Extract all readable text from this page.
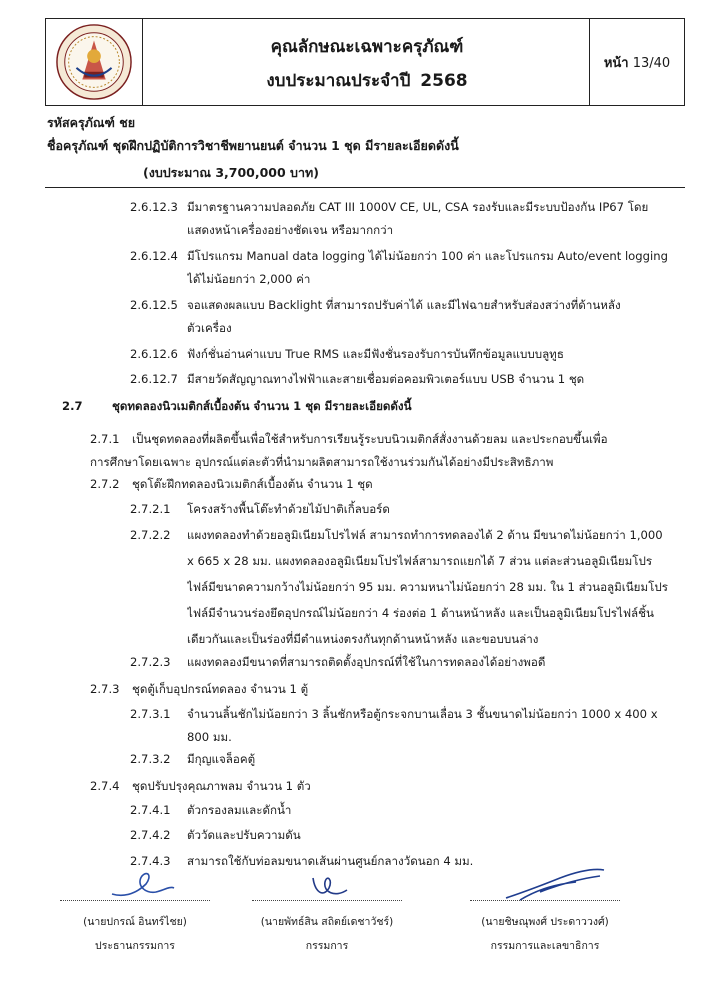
คุณลักษณะเฉพาะครุภัณฑ์
งบประมาณประจำปี 2568
หน้า 13/40
รหัสครุภัณฑ์ ชย
ชื่อครุภัณฑ์ ชุดฝึกปฏิบัติการวิชาชีพยานยนต์ จำนวน 1 ชุด มีรายละเอียดดังนี้
(งบประมาณ 3,700,000 บาท)
2.6.12.3 มีมาตรฐานความปลอดภัย CAT III 1000V CE, UL, CSA รองรับและมีระบบป้องกัน IP67 โดย
แสดงหน้าเครื่องอย่างชัดเจน หรือมากกว่า
2.6.12.4 มีโปรแกรม Manual data logging ได้ไม่น้อยกว่า 100 ค่า และโปรแกรม Auto/event logging
ได้ไม่น้อยกว่า 2,000 ค่า
2.6.12.5 จอแสดงผลแบบ Backlight ที่สามารถปรับค่าได้ และมีไฟฉายสำหรับส่องสว่างที่ด้านหลัง
ตัวเครื่อง
2.6.12.6 ฟังก์ชั่นอ่านค่าแบบ True RMS และมีฟังชั่นรองรับการบันทึกข้อมูลแบบบลูทูธ
2.6.12.7 มีสายวัดสัญญาณทางไฟฟ้าและสายเชื่อมต่อคอมพิวเตอร์แบบ USB จำนวน 1 ชุด
2.7	ชุดทดลองนิวเมติกส์เบื้องต้น จำนวน 1 ชุด มีรายละเอียดดังนี้
2.7.1 เป็นชุดทดลองที่ผลิตขึ้นเพื่อใช้สำหรับการเรียนรู้ระบบนิวเมติกส์สั่งงานด้วยลม และประกอบขึ้นเพื่อ
การศึกษาโดยเฉพาะ อุปกรณ์แต่ละตัวที่นำมาผลิตสามารถใช้งานร่วมกันได้อย่างมีประสิทธิภาพ
2.7.2 ชุดโต๊ะฝึกทดลองนิวเมติกส์เบื้องต้น จำนวน 1 ชุด
2.7.2.1 โครงสร้างพื้นโต๊ะทำด้วยไม้ปาติเกิ้ลบอร์ด
2.7.2.2 แผงทดลองทำด้วยอลูมิเนียมโปรไฟล์ สามารถทำการทดลองได้ 2 ด้าน มีขนาดไม่น้อยกว่า 1,000
x 665 x 28 มม. แผงทดลองอลูมิเนียมโปรไฟล์สามารถแยกได้ 7 ส่วน แต่ละส่วนอลูมิเนียมโปร
ไฟล์มีขนาดความกว้างไม่น้อยกว่า 95 มม. ความหนาไม่น้อยกว่า 28 มม. ใน 1 ส่วนอลูมิเนียมโปร
ไฟล์มีจำนวนร่องยึดอุปกรณ์ไม่น้อยกว่า 4 ร่องต่อ 1 ด้านหน้าหลัง และเป็นอลูมิเนียมโปรไฟล์ชิ้น
เดียวกันและเป็นร่องที่มีตำแหน่งตรงกันทุกด้านหน้าหลัง และขอบบนล่าง
2.7.2.3 แผงทดลองมีขนาดที่สามารถติดตั้งอุปกรณ์ที่ใช้ในการทดลองได้อย่างพอดี
2.7.3 ชุดตู้เก็บอุปกรณ์ทดลอง จำนวน 1 ตู้
2.7.3.1 จำนวนลิ้นชักไม่น้อยกว่า 3 ลิ้นชักหรือตู้กระจกบานเลื่อน 3 ชั้นขนาดไม่น้อยกว่า 1000 x 400 x
800 มม.
2.7.3.2 มีกุญแจล็อคตู้
2.7.4 ชุดปรับปรุงคุณภาพลม จำนวน 1 ตัว
2.7.4.1 ตัวกรองลมและดักน้ำ
2.7.4.2 ตัววัดและปรับความดัน
2.7.4.3 สามารถใช้กับท่อลมขนาดเส้นผ่านศูนย์กลางวัดนอก 4 มม.
(นายปกรณ์ อินทร์ไชย)
ประธานกรรมการ
(นายพัทธ์สิน สถิตย์เดชาวัชร์)
กรรมการ
(นายชิษณุพงศ์ ประดาววงศ์)
กรรมการและเลขาธิการ
